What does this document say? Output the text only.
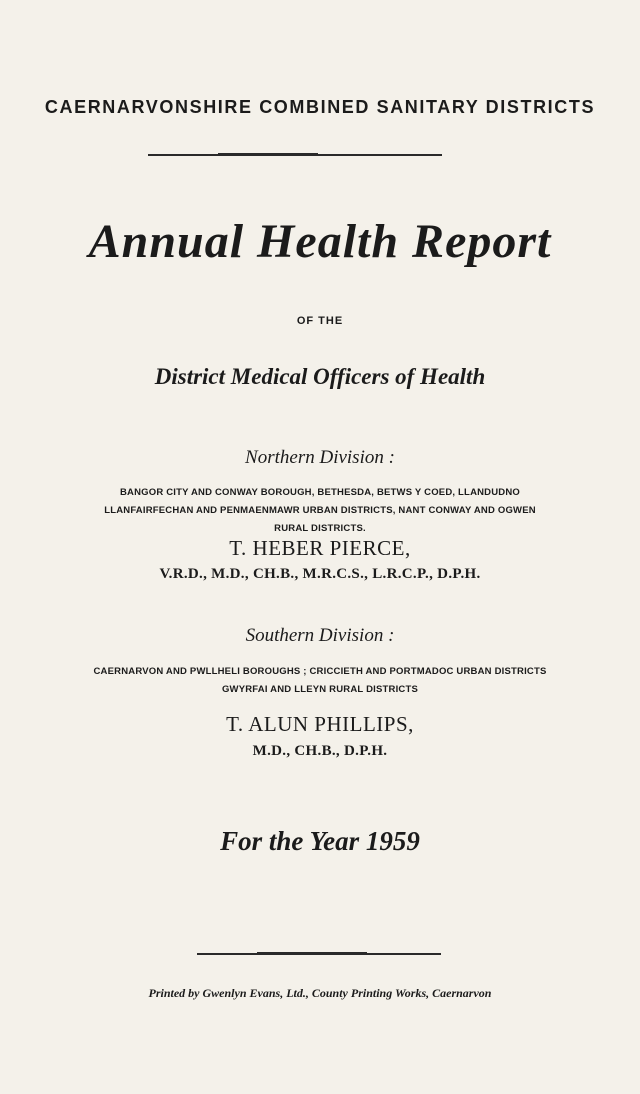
CAERNARVONSHIRE COMBINED SANITARY DISTRICTS
Annual Health Report
OF THE
District Medical Officers of Health
Northern Division :
BANGOR CITY AND CONWAY BOROUGH, BETHESDA, BETWS Y COED, LLANDUDNO
LLANFAIRFECHAN AND PENMAENMAWR URBAN DISTRICTS, NANT CONWAY AND OGWEN
RURAL DISTRICTS.
T. HEBER PIERCE,
V.R.D., M.D., CH.B., M.R.C.S., L.R.C.P., D.P.H.
Southern Division :
CAERNARVON AND PWLLHELI BOROUGHS ; CRICCIETH AND PORTMADOC URBAN DISTRICTS
GWYRFAI AND LLEYN RURAL DISTRICTS
T. ALUN PHILLIPS,
M.D., CH.B., D.P.H.
For the Year 1959
Printed by Gwenlyn Evans, Ltd., County Printing Works, Caernarvon
